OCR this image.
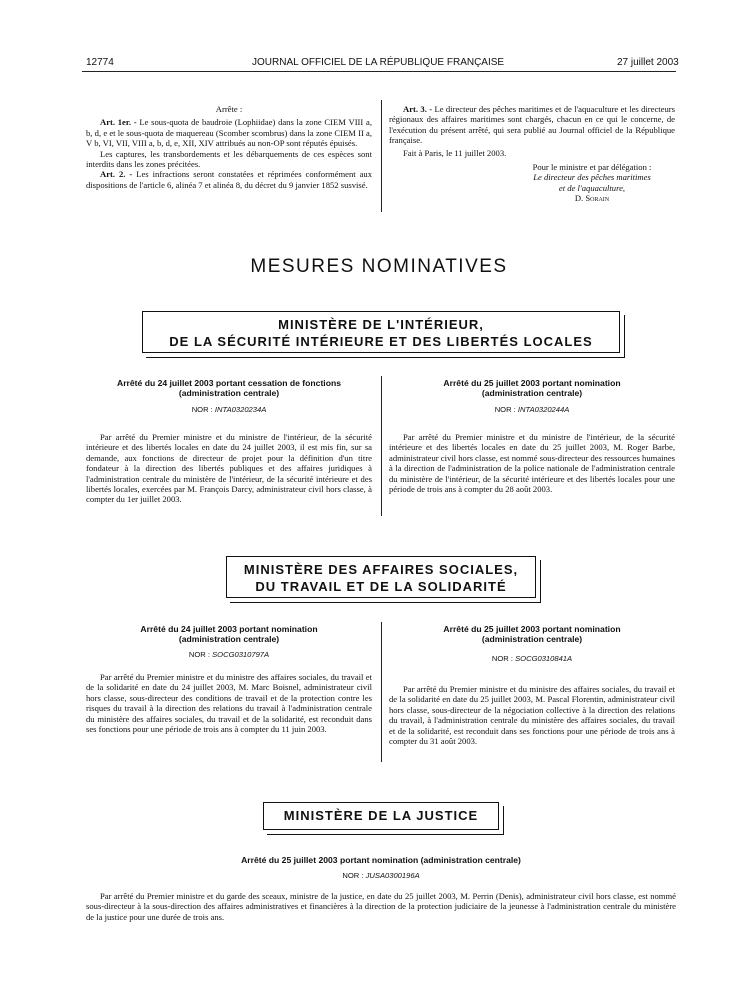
12774	JOURNAL OFFICIEL DE LA RÉPUBLIQUE FRANÇAISE	27 juillet 2003
Arrête :

Art. 1er. - Le sous-quota de baudroie (Lophiidae) dans la zone CIEM VIII a, b, d, e et le sous-quota de maquereau (Scomber scombrus) dans la zone CIEM II a, V b, VI, VII, VIII a, b, d, e, XII, XIV attribués au non-OP sont réputés épuisés.

Les captures, les transbordements et les débarquements de ces espèces sont interdits dans les zones précitées.

Art. 2. - Les infractions seront constatées et réprimées conformément aux dispositions de l'article 6, alinéa 7 et alinéa 8, du décret du 9 janvier 1852 susvisé.

Art. 3. - Le directeur des pêches maritimes et de l'aquaculture et les directeurs régionaux des affaires maritimes sont chargés, chacun en ce qui le concerne, de l'exécution du présent arrêté, qui sera publié au Journal officiel de la République française.

Fait à Paris, le 11 juillet 2003.

Pour le ministre et par délégation :
Le directeur des pêches maritimes
et de l'aquaculture,
D. Sorain
MESURES NOMINATIVES
MINISTÈRE DE L'INTÉRIEUR,
DE LA SÉCURITÉ INTÉRIEURE ET DES LIBERTÉS LOCALES
Arrêté du 24 juillet 2003 portant cessation de fonctions
(administration centrale)
NOR : INTA0320234A

Par arrêté du Premier ministre et du ministre de l'intérieur, de la sécurité intérieure et des libertés locales en date du 24 juillet 2003, il est mis fin, sur sa demande, aux fonctions de directeur de projet pour la définition d'un titre fondateur à la direction des libertés publiques et des affaires juridiques à l'administration centrale du ministère de l'intérieur, de la sécurité intérieure et des libertés locales, exercées par M. François Darcy, administrateur civil hors classe, à compter du 1er juillet 2003.

Arrêté du 25 juillet 2003 portant nomination
(administration centrale)
NOR : INTA0320244A

Par arrêté du Premier ministre et du ministre de l'intérieur, de la sécurité intérieure et des libertés locales en date du 25 juillet 2003, M. Roger Barbe, administrateur civil hors classe, est nommé sous-directeur des ressources humaines à la direction de l'administration de la police nationale de l'administration centrale du ministère de l'intérieur, de la sécurité intérieure et des libertés locales pour une période de trois ans à compter du 28 août 2003.

MINISTÈRE DES AFFAIRES SOCIALES,
DU TRAVAIL ET DE LA SOLIDARITÉ
Arrêté du 24 juillet 2003 portant nomination
(administration centrale)
NOR : SOCG0310797A

Par arrêté du Premier ministre et du ministre des affaires sociales, du travail et de la solidarité en date du 24 juillet 2003, M. Marc Boisnel, administrateur civil hors classe, sous-directeur des conditions de travail et de la protection contre les risques du travail à la direction des relations du travail à l'administration centrale du ministère des affaires sociales, du travail et de la solidarité, est reconduit dans ses fonctions pour une période de trois ans à compter du 11 juin 2003.

Arrêté du 25 juillet 2003 portant nomination
(administration centrale)
NOR : SOCG0310841A

Par arrêté du Premier ministre et du ministre des affaires sociales, du travail et de la solidarité en date du 25 juillet 2003, M. Pascal Florentin, administrateur civil hors classe, sous-directeur de la négociation collective à la direction des relations du travail, à l'administration centrale du ministère des affaires sociales, du travail et de la solidarité, est reconduit dans ses fonctions pour une période de trois ans à compter du 31 août 2003.

MINISTÈRE DE LA JUSTICE
Arrêté du 25 juillet 2003 portant nomination (administration centrale)
NOR : JUSA0300196A

Par arrêté du Premier ministre et du garde des sceaux, ministre de la justice, en date du 25 juillet 2003, M. Perrin (Denis), administrateur civil hors classe, est nommé sous-directeur à la sous-direction des affaires administratives et financières à la direction de la protection judiciaire de la jeunesse à l'administration centrale du ministère de la justice pour une durée de trois ans.
